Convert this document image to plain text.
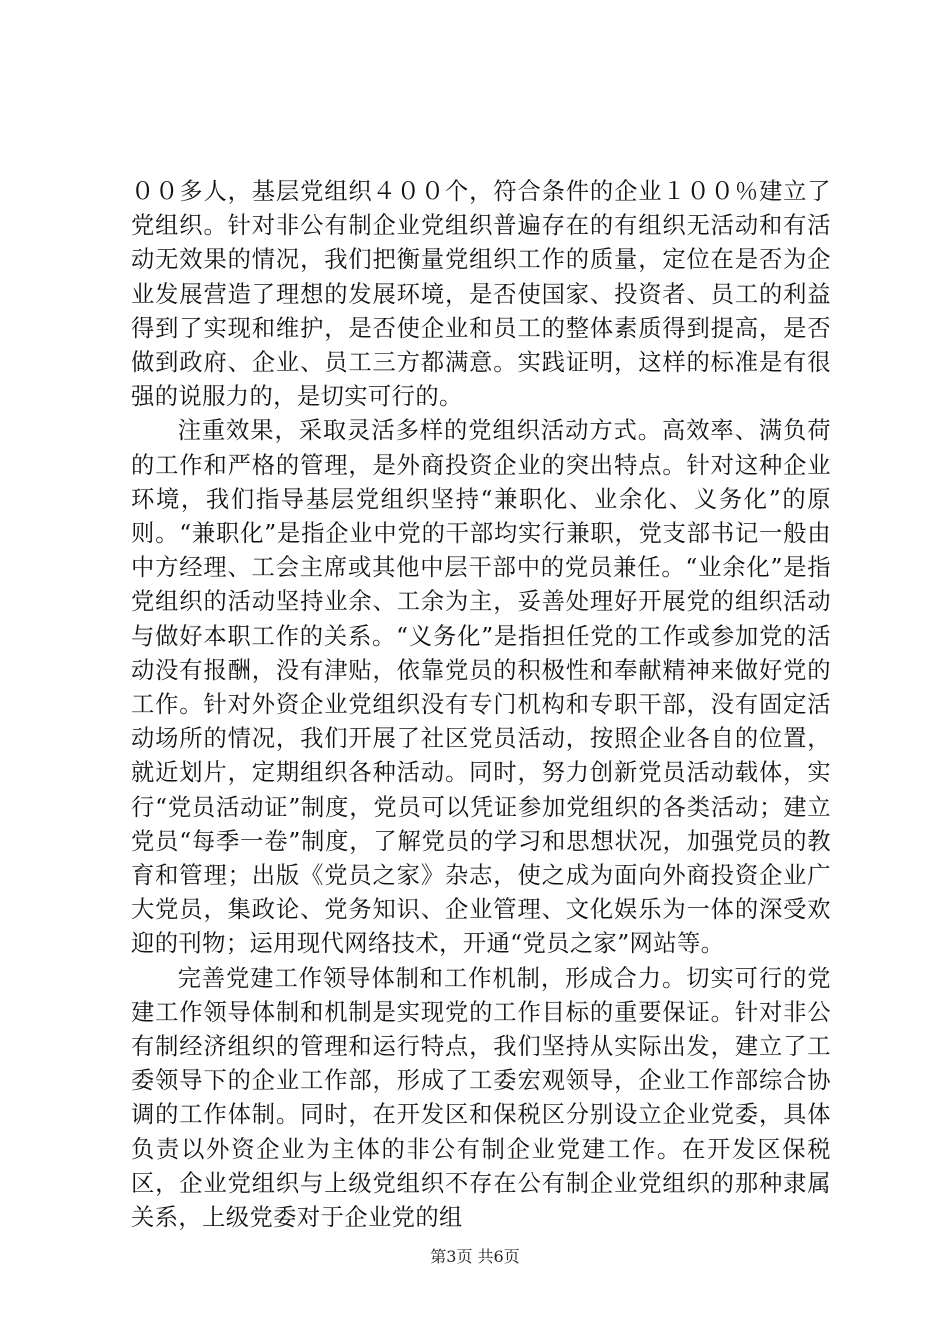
００多人，基层党组织４００个，符合条件的企业１００％建立了党组织。针对非公有制企业党组织普遍存在的有组织无活动和有活动无效果的情况，我们把衡量党组织工作的质量，定位在是否为企业发展营造了理想的发展环境，是否使国家、投资者、员工的利益得到了实现和维护，是否使企业和员工的整体素质得到提高，是否做到政府、企业、员工三方都满意。实践证明，这样的标准是有很强的说服力的，是切实可行的。

注重效果，采取灵活多样的党组织活动方式。高效率、满负荷的工作和严格的管理，是外商投资企业的突出特点。针对这种企业环境，我们指导基层党组织坚持“兼职化、业余化、义务化”的原则。“兼职化”是指企业中党的干部均实行兼职，党支部书记一般由中方经理、工会主席或其他中层干部中的党员兼任。“业余化”是指党组织的活动坚持业余、工余为主，妥善处理好开展党的组织活动与做好本职工作的关系。“义务化”是指担任党的工作或参加党的活动没有报酬，没有津贴，依靠党员的积极性和奉献精神来做好党的工作。针对外资企业党组织没有专门机构和专职干部，没有固定活动场所的情况，我们开展了社区党员活动，按照企业各自的位置，就近划片，定期组织各种活动。同时，努力创新党员活动载体，实行“党员活动证”制度，党员可以凭证参加党组织的各类活动；建立党员“每季一卷”制度，了解党员的学习和思想状况，加强党员的教育和管理；出版《党员之家》杂志，使之成为面向外商投资企业广大党员，集政论、党务知识、企业管理、文化娱乐为一体的深受欢迎的刊物；运用现代网络技术，开通“党员之家”网站等。

完善党建工作领导体制和工作机制，形成合力。切实可行的党建工作领导体制和机制是实现党的工作目标的重要保证。针对非公有制经济组织的管理和运行特点，我们坚持从实际出发，建立了工委领导下的企业工作部，形成了工委宏观领导，企业工作部综合协调的工作体制。同时，在开发区和保税区分别设立企业党委，具体负责以外资企业为主体的非公有制企业党建工作。在开发区保税区，企业党组织与上级党组织不存在公有制企业党组织的那种隶属关系，上级党委对于企业党的组

第3页 共6页
